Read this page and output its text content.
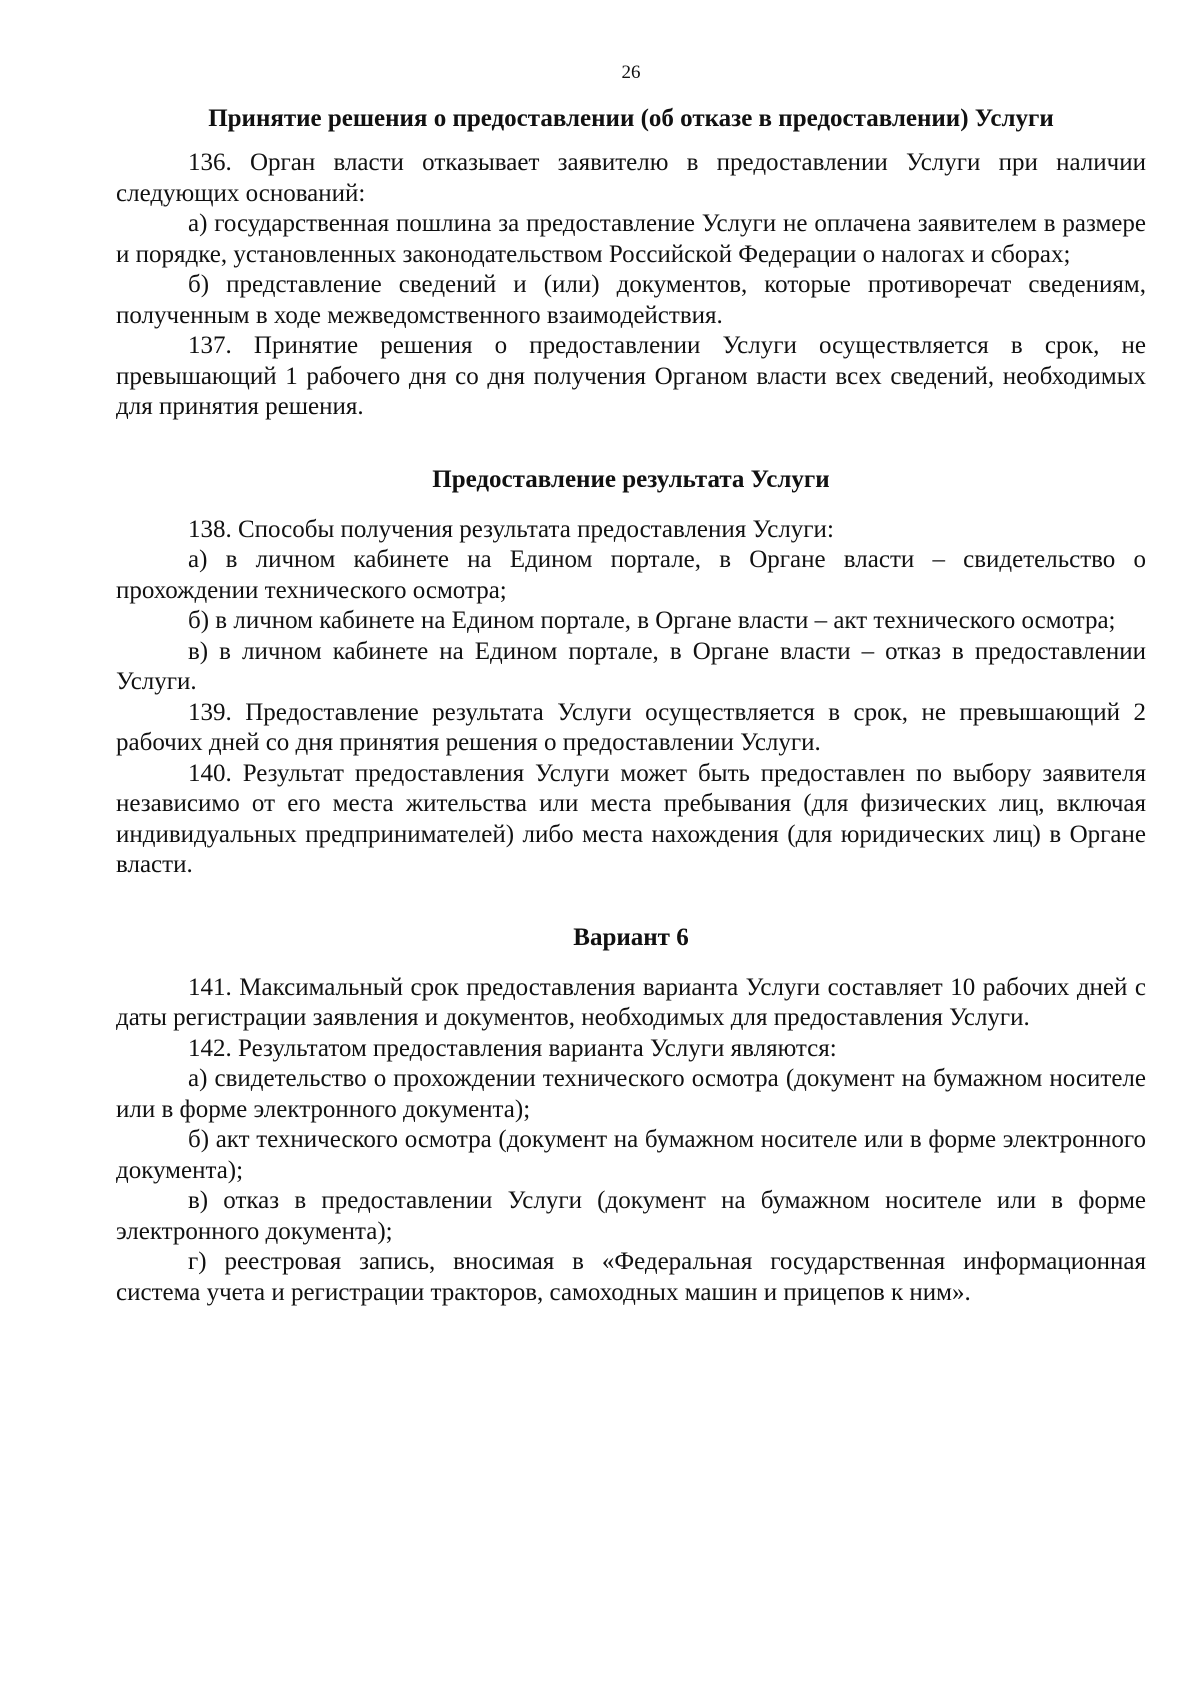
26
Принятие решения о предоставлении (об отказе в предоставлении) Услуги

136. Орган власти отказывает заявителю в предоставлении Услуги при наличии следующих оснований:

а) государственная пошлина за предоставление Услуги не оплачена заявителем в размере и порядке, установленных законодательством Российской Федерации о налогах и сборах;

б) представление сведений и (или) документов, которые противоречат сведениям, полученным в ходе межведомственного взаимодействия.

137. Принятие решения о предоставлении Услуги осуществляется в срок, не превышающий 1 рабочего дня со дня получения Органом власти всех сведений, необходимых для принятия решения.

Предоставление результата Услуги

138. Способы получения результата предоставления Услуги:

а) в личном кабинете на Едином портале, в Органе власти – свидетельство о прохождении технического осмотра;

б) в личном кабинете на Едином портале, в Органе власти – акт технического осмотра;

в) в личном кабинете на Едином портале, в Органе власти – отказ в предоставлении Услуги.

139. Предоставление результата Услуги осуществляется в срок, не превышающий 2 рабочих дней со дня принятия решения о предоставлении Услуги.

140. Результат предоставления Услуги может быть предоставлен по выбору заявителя независимо от его места жительства или места пребывания (для физических лиц, включая индивидуальных предпринимателей) либо места нахождения (для юридических лиц) в Органе власти.

Вариант 6

141. Максимальный срок предоставления варианта Услуги составляет 10 рабочих дней с даты регистрации заявления и документов, необходимых для предоставления Услуги.

142. Результатом предоставления варианта Услуги являются:

а) свидетельство о прохождении технического осмотра (документ на бумажном носителе или в форме электронного документа);

б) акт технического осмотра (документ на бумажном носителе или в форме электронного документа);

в) отказ в предоставлении Услуги (документ на бумажном носителе или в форме электронного документа);

г) реестровая запись, вносимая в «Федеральная государственная информационная система учета и регистрации тракторов, самоходных машин и прицепов к ним».
